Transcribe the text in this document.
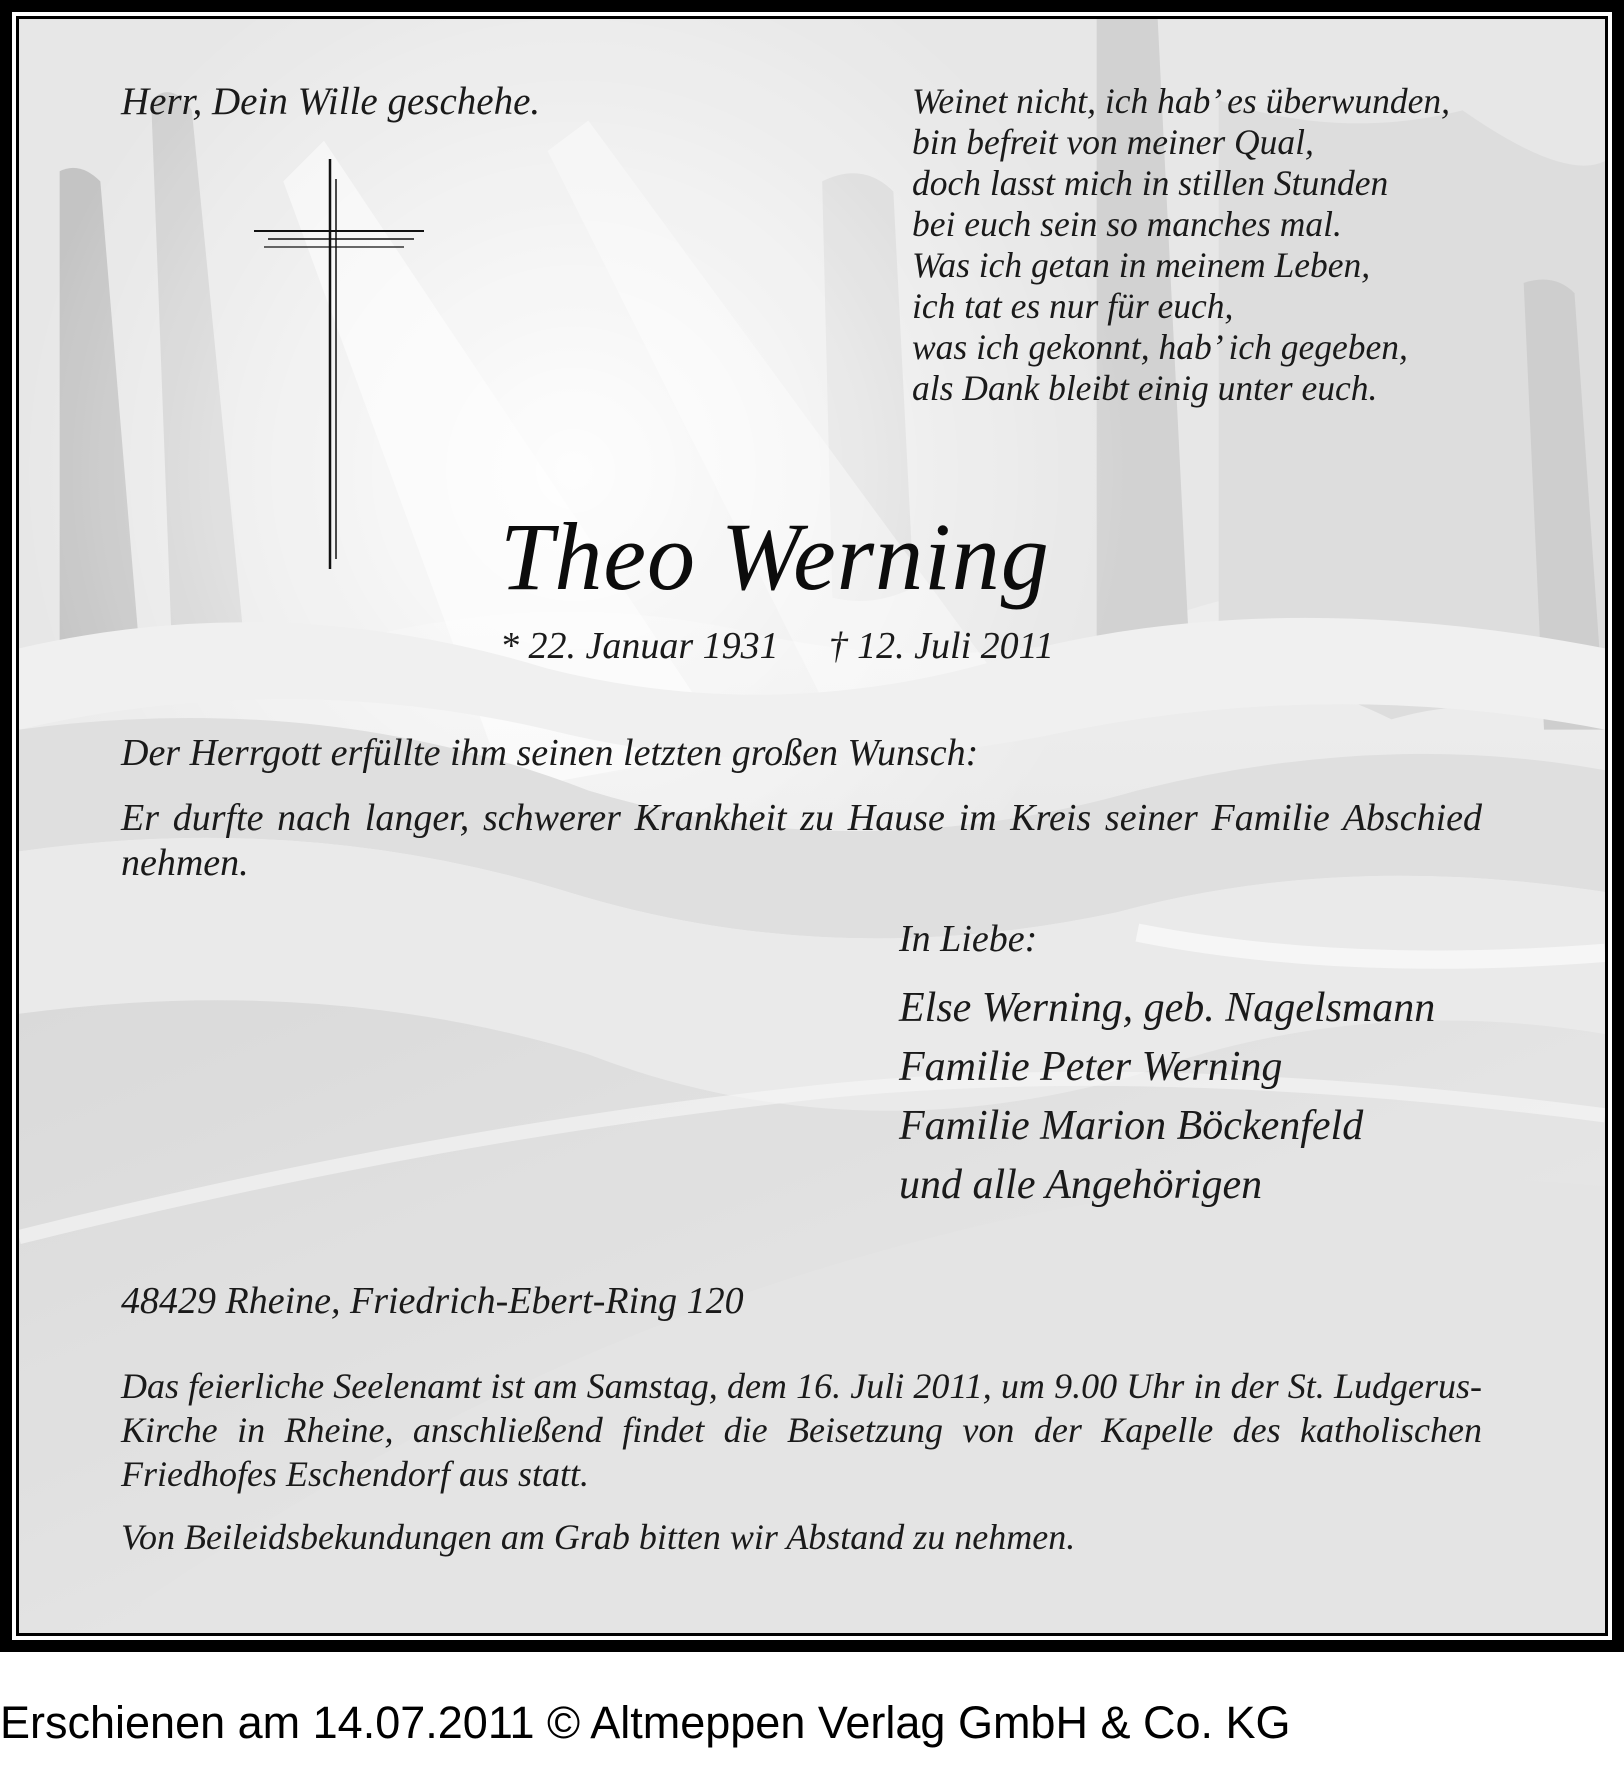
Herr, Dein Wille geschehe.	Weinet nicht, ich hab’ es überwunden,
bin befreit von meiner Qual,
doch lasst mich in stillen Stunden
bei euch sein so manches mal.
Was ich getan in meinem Leben,
ich tat es nur für euch,
was ich gekonnt, hab’ ich gegeben,
als Dank bleibt einig unter euch.
Theo Werning
* 22. Januar 1931 † 12. Juli 2011
Der Herrgott erfüllte ihm seinen letzten großen Wunsch:
Er durfte nach langer, schwerer Krankheit zu Hause im Kreis seiner Familie Abschied nehmen.
In Liebe:
Else Werning, geb. Nagelsmann
Familie Peter Werning
Familie Marion Böckenfeld
und alle Angehörigen
48429 Rheine, Friedrich-Ebert-Ring 120
Das feierliche Seelenamt ist am Samstag, dem 16. Juli 2011, um 9.00 Uhr in der St. Ludgerus-Kirche in Rheine, anschließend findet die Beisetzung von der Kapelle des katholischen Friedhofes Eschendorf aus statt.
Von Beileidsbekundungen am Grab bitten wir Abstand zu nehmen.
Erschienen am 14.07.2011 © Altmeppen Verlag GmbH & Co. KG
